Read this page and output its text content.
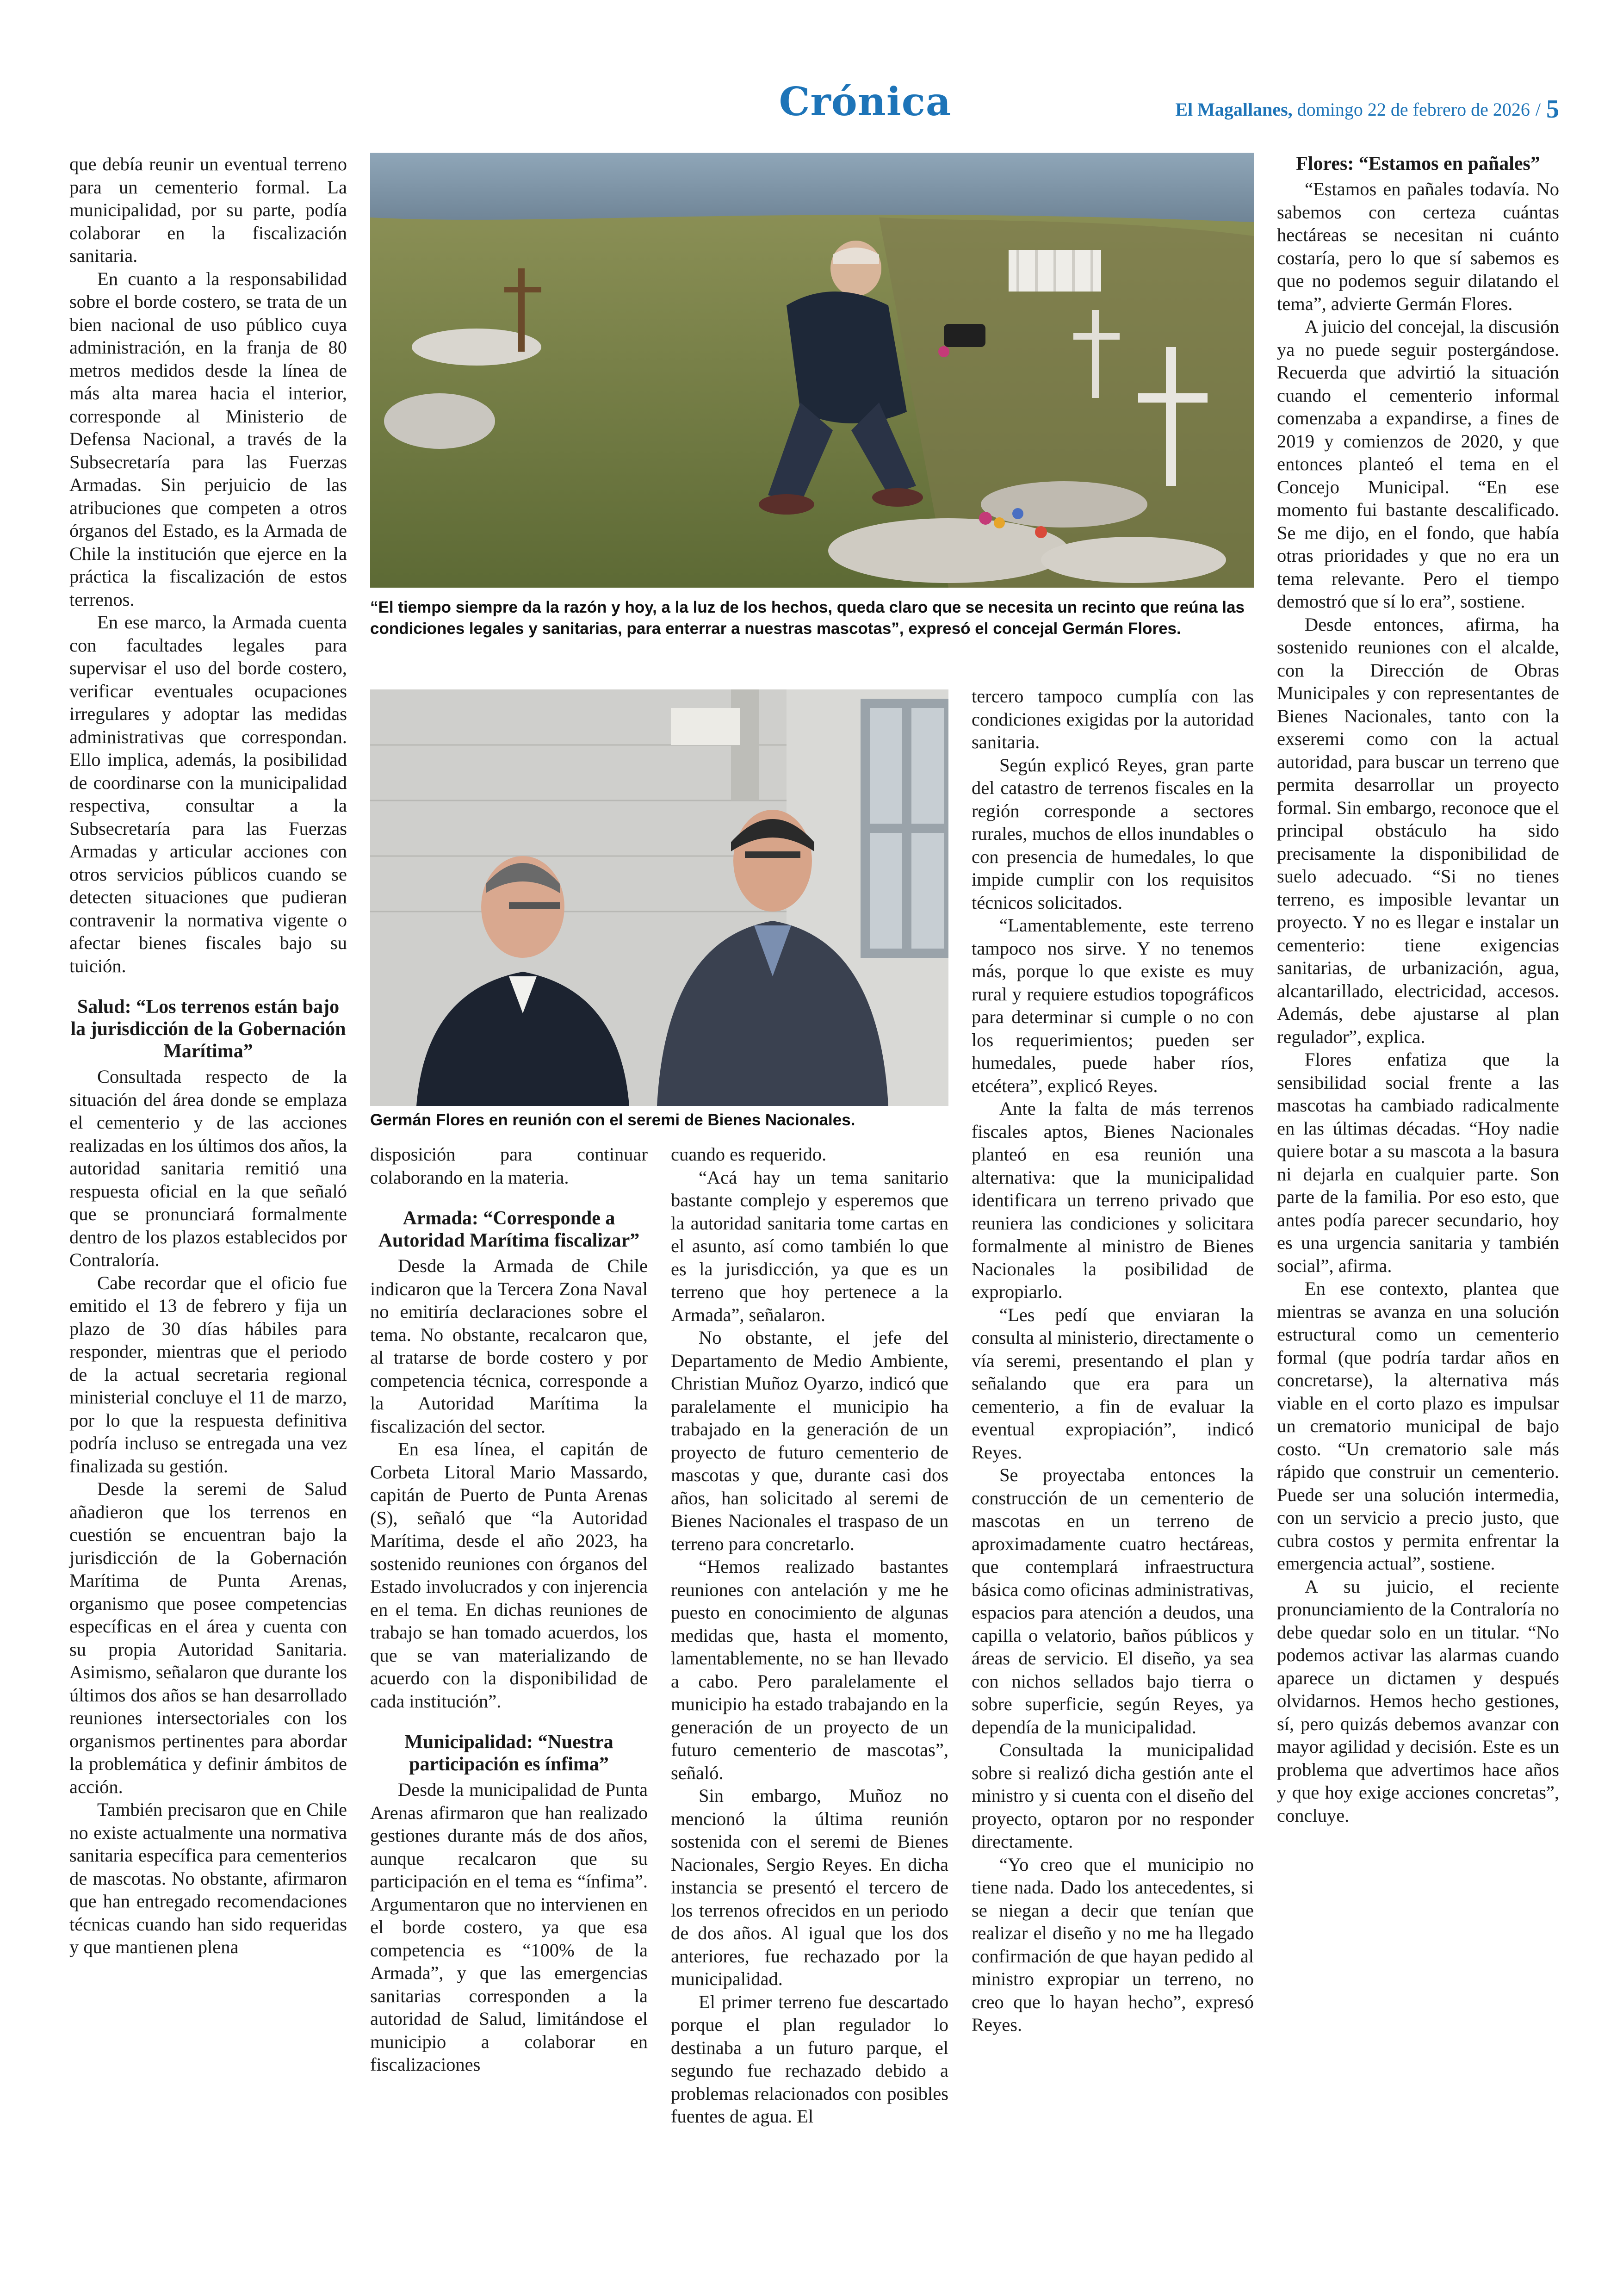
Crónica	El Magallanes, domingo 22 de febrero de 2026 / 5

que debía reunir un eventual terreno para un cementerio formal. La municipalidad, por su parte, podía colaborar en la fiscalización sanitaria.

En cuanto a la responsabilidad sobre el borde costero, se trata de un bien nacional de uso público cuya administración, en la franja de 80 metros medidos desde la línea de más alta marea hacia el interior, corresponde al Ministerio de Defensa Nacional, a través de la Subsecretaría para las Fuerzas Armadas. Sin perjuicio de las atribuciones que competen a otros órganos del Estado, es la Armada de Chile la institución que ejerce en la práctica la fiscalización de estos terrenos.

En ese marco, la Armada cuenta con facultades legales para supervisar el uso del borde costero, verificar eventuales ocupaciones irregulares y adoptar las medidas administrativas que correspondan. Ello implica, además, la posibilidad de coordinarse con la municipalidad respectiva, consultar a la Subsecretaría para las Fuerzas Armadas y articular acciones con otros servicios públicos cuando se detecten situaciones que pudieran contravenir la normativa vigente o afectar bienes fiscales bajo su tuición.

Salud: “Los terrenos están bajo la jurisdicción de la Gobernación Marítima”

Consultada respecto de la situación del área donde se emplaza el cementerio y de las acciones realizadas en los últimos dos años, la autoridad sanitaria remitió una respuesta oficial en la que señaló que se pronunciará formalmente dentro de los plazos establecidos por Contraloría.

Cabe recordar que el oficio fue emitido el 13 de febrero y fija un plazo de 30 días hábiles para responder, mientras que el periodo de la actual secretaria regional ministerial concluye el 11 de marzo, por lo que la respuesta definitiva podría incluso se entregada una vez finalizada su gestión.

Desde la seremi de Salud añadieron que los terrenos en cuestión se encuentran bajo la jurisdicción de la Gobernación Marítima de Punta Arenas, organismo que posee competencias específicas en el área y cuenta con su propia Autoridad Sanitaria. Asimismo, señalaron que durante los últimos dos años se han desarrollado reuniones intersectoriales con los organismos pertinentes para abordar la problemática y definir ámbitos de acción.

También precisaron que en Chile no existe actualmente una normativa sanitaria específica para cementerios de mascotas. No obstante, afirmaron que han entregado recomendaciones técnicas cuando han sido requeridas y que mantienen plena

“El tiempo siempre da la razón y hoy, a la luz de los hechos, queda claro que se necesita un recinto que reúna las condiciones legales y sanitarias, para enterrar a nuestras mascotas”, expresó el concejal Germán Flores.
Germán Flores en reunión con el seremi de Bienes Nacionales.

disposición para continuar colaborando en la materia.

Armada: “Corresponde a Autoridad Marítima fiscalizar”

Desde la Armada de Chile indicaron que la Tercera Zona Naval no emitiría declaraciones sobre el tema. No obstante, recalcaron que, al tratarse de borde costero y por competencia técnica, corresponde a la Autoridad Marítima la fiscalización del sector.

En esa línea, el capitán de Corbeta Litoral Mario Massardo, capitán de Puerto de Punta Arenas (S), señaló que “la Autoridad Marítima, desde el año 2023, ha sostenido reuniones con órganos del Estado involucrados y con injerencia en el tema. En dichas reuniones de trabajo se han tomado acuerdos, los que se van materializando de acuerdo con la disponibilidad de cada institución”.

Municipalidad: “Nuestra participación es ínfima”

Desde la municipalidad de Punta Arenas afirmaron que han realizado gestiones durante más de dos años, aunque recalcaron que su participación en el tema es “ínfima”. Argumentaron que no intervienen en el borde costero, ya que esa competencia es “100% de la Armada”, y que las emergencias sanitarias corresponden a la autoridad de Salud, limitándose el municipio a colaborar en fiscalizaciones

cuando es requerido.

“Acá hay un tema sanitario bastante complejo y esperemos que la autoridad sanitaria tome cartas en el asunto, así como también lo que es la jurisdicción, ya que es un terreno que hoy pertenece a la Armada”, señalaron.

No obstante, el jefe del Departamento de Medio Ambiente, Christian Muñoz Oyarzo, indicó que paralelamente el municipio ha trabajado en la generación de un proyecto de futuro cementerio de mascotas y que, durante casi dos años, han solicitado al seremi de Bienes Nacionales el traspaso de un terreno para concretarlo.

“Hemos realizado bastantes reuniones con antelación y me he puesto en conocimiento de algunas medidas que, hasta el momento, lamentablemente, no se han llevado a cabo. Pero paralelamente el municipio ha estado trabajando en la generación de un proyecto de un futuro cementerio de mascotas”, señaló.

Sin embargo, Muñoz no mencionó la última reunión sostenida con el seremi de Bienes Nacionales, Sergio Reyes. En dicha instancia se presentó el tercero de los terrenos ofrecidos en un periodo de dos años. Al igual que los dos anteriores, fue rechazado por la municipalidad.

El primer terreno fue descartado porque el plan regulador lo destinaba a un futuro parque, el segundo fue rechazado debido a problemas relacionados con posibles fuentes de agua. El

tercero tampoco cumplía con las condiciones exigidas por la autoridad sanitaria.

Según explicó Reyes, gran parte del catastro de terrenos fiscales en la región corresponde a sectores rurales, muchos de ellos inundables o con presencia de humedales, lo que impide cumplir con los requisitos técnicos solicitados.

“Lamentablemente, este terreno tampoco nos sirve. Y no tenemos más, porque lo que existe es muy rural y requiere estudios topográficos para determinar si cumple o no con los requerimientos; pueden ser humedales, puede haber ríos, etcétera”, explicó Reyes.

Ante la falta de más terrenos fiscales aptos, Bienes Nacionales planteó en esa reunión una alternativa: que la municipalidad identificara un terreno privado que reuniera las condiciones y solicitara formalmente al ministro de Bienes Nacionales la posibilidad de expropiarlo.

“Les pedí que enviaran la consulta al ministerio, directamente o vía seremi, presentando el plan y señalando que era para un cementerio, a fin de evaluar la eventual expropiación”, indicó Reyes.

Se proyectaba entonces la construcción de un cementerio de mascotas en un terreno de aproximadamente cuatro hectáreas, que contemplará infraestructura básica como oficinas administrativas, espacios para atención a deudos, una capilla o velatorio, baños públicos y áreas de servicio. El diseño, ya sea con nichos sellados bajo tierra o sobre superficie, según Reyes, ya dependía de la municipalidad.

Consultada la municipalidad sobre si realizó dicha gestión ante el ministro y si cuenta con el diseño del proyecto, optaron por no responder directamente.

“Yo creo que el municipio no tiene nada. Dado los antecedentes, si se niegan a decir que tenían que realizar el diseño y no me ha llegado confirmación de que hayan pedido al ministro expropiar un terreno, no creo que lo hayan hecho”, expresó Reyes.

Flores: “Estamos en pañales”

“Estamos en pañales todavía. No sabemos con certeza cuántas hectáreas se necesitan ni cuánto costaría, pero lo que sí sabemos es que no podemos seguir dilatando el tema”, advierte Germán Flores.

A juicio del concejal, la discusión ya no puede seguir postergándose. Recuerda que advirtió la situación cuando el cementerio informal comenzaba a expandirse, a fines de 2019 y comienzos de 2020, y que entonces planteó el tema en el Concejo Municipal. “En ese momento fui bastante descalificado. Se me dijo, en el fondo, que había otras prioridades y que no era un tema relevante. Pero el tiempo demostró que sí lo era”, sostiene.

Desde entonces, afirma, ha sostenido reuniones con el alcalde, con la Dirección de Obras Municipales y con representantes de Bienes Nacionales, tanto con la exseremi como con la actual autoridad, para buscar un terreno que permita desarrollar un proyecto formal. Sin embargo, reconoce que el principal obstáculo ha sido precisamente la disponibilidad de suelo adecuado. “Si no tienes terreno, es imposible levantar un proyecto. Y no es llegar e instalar un cementerio: tiene exigencias sanitarias, de urbanización, agua, alcantarillado, electricidad, accesos. Además, debe ajustarse al plan regulador”, explica.

Flores enfatiza que la sensibilidad social frente a las mascotas ha cambiado radicalmente en las últimas décadas. “Hoy nadie quiere botar a su mascota a la basura ni dejarla en cualquier parte. Son parte de la familia. Por eso esto, que antes podía parecer secundario, hoy es una urgencia sanitaria y también social”, afirma.

En ese contexto, plantea que mientras se avanza en una solución estructural como un cementerio formal (que podría tardar años en concretarse), la alternativa más viable en el corto plazo es impulsar un crematorio municipal de bajo costo. “Un crematorio sale más rápido que construir un cementerio. Puede ser una solución intermedia, con un servicio a precio justo, que cubra costos y permita enfrentar la emergencia actual”, sostiene.

A su juicio, el reciente pronunciamiento de la Contraloría no debe quedar solo en un titular. “No podemos activar las alarmas cuando aparece un dictamen y después olvidarnos. Hemos hecho gestiones, sí, pero quizás debemos avanzar con mayor agilidad y decisión. Este es un problema que advertimos hace años y que hoy exige acciones concretas”, concluye.
